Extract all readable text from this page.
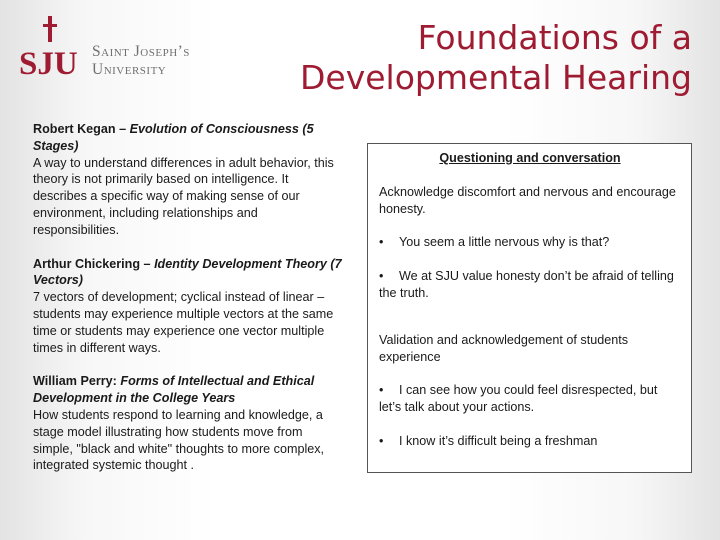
SJU Saint Joseph’s
University
Foundations of a
Developmental Hearing
Robert Kegan – Evolution of Consciousness (5 Stages)
A way to understand differences in adult behavior, this theory is not primarily based on intelligence. It describes a specific way of making sense of our environment, including relationships and responsibilities.
Arthur Chickering – Identity Development Theory (7 Vectors)
7 vectors of development; cyclical instead of linear – students may experience multiple vectors at the same time or students may experience one vector multiple times in different ways.
William Perry: Forms of Intellectual and Ethical Development in the College Years
How students respond to learning and knowledge, a stage model illustrating how students move from simple, "black and white" thoughts to more complex, integrated systemic thought .
Questioning and conversation

Acknowledge discomfort and nervous and encourage honesty.

• You seem a little nervous why is that?

• We at SJU value honesty don’t be afraid of telling the truth.

Validation and acknowledgement of students experience

• I can see how you could feel disrespected, but let’s talk about your actions.

• I know it’s difficult being a freshman
